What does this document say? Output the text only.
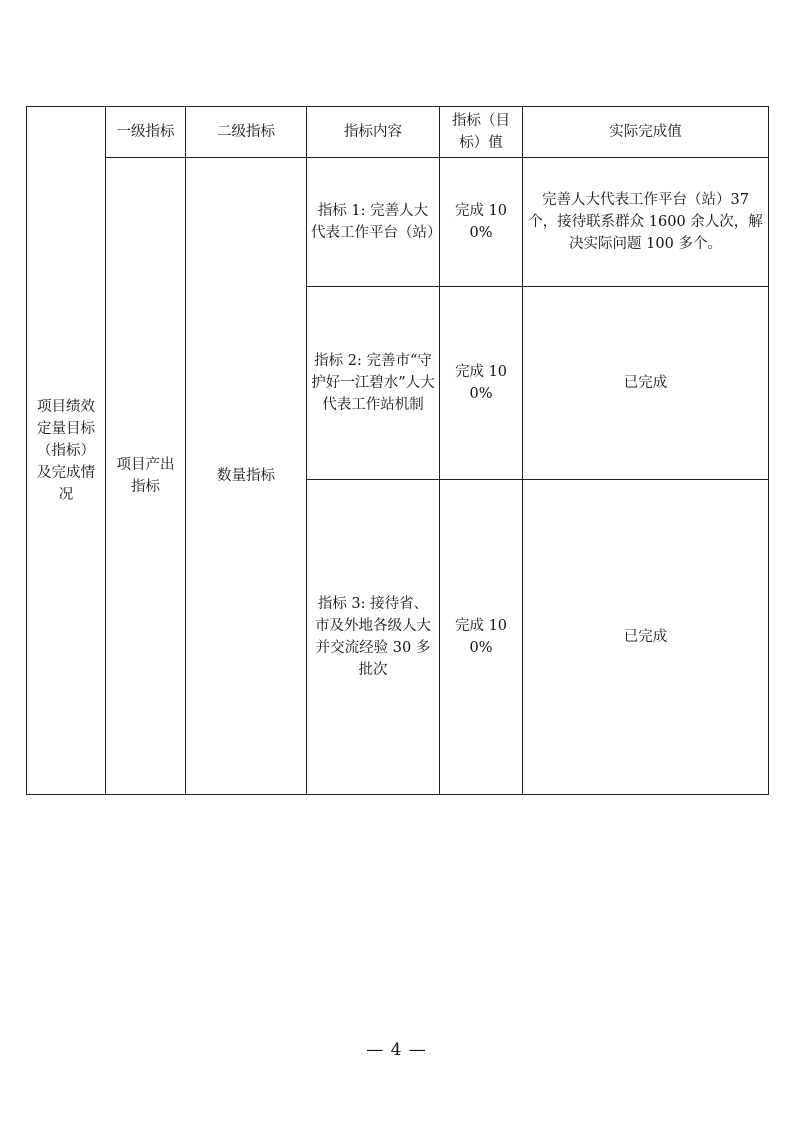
项目绩效定量目标（指标）及完成情况	一级指标	二级指标	指标内容	指标（目标）值	实际完成值
	项目产出指标	数量指标	指标 1: 完善人大代表工作平台（站）	完成 100%	完善人大代表工作平台（站）37 个，接待联系群众 1600 余人次，解决实际问题 100 多个。
			指标 2: 完善市“守护好一江碧水”人大代表工作站机制	完成 100%	已完成
			指标 3: 接待省、市及外地各级人大并交流经验 30 多批次	完成 100%	已完成
— 4 —
